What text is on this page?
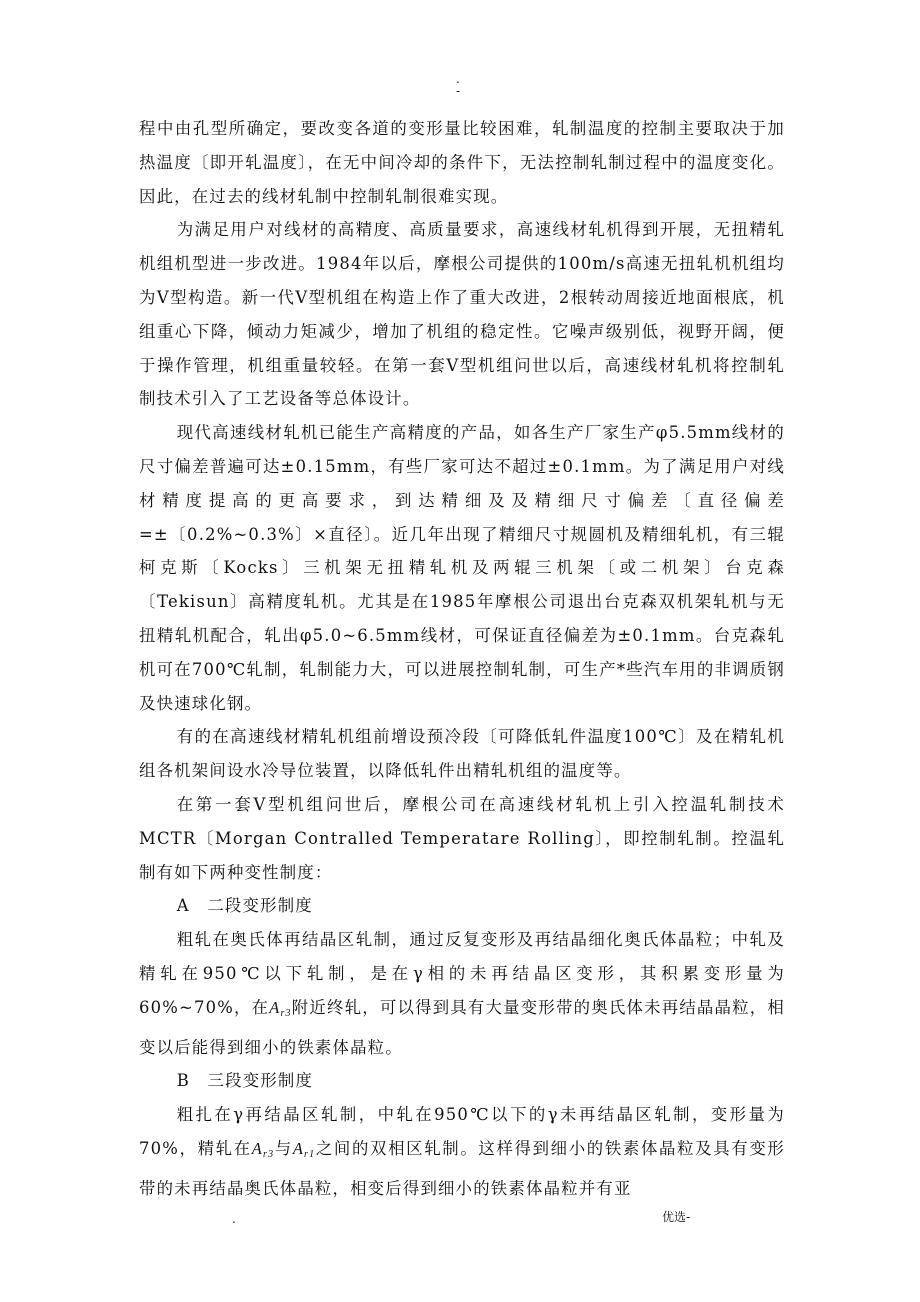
.
-

程中由孔型所确定，要改变各道的变形量比较困难，轧制温度的控制主要取决于加热温度〔即开轧温度〕，在无中间冷却的条件下，无法控制轧制过程中的温度变化。因此，在过去的线材轧制中控制轧制很难实现。

为满足用户对线材的高精度、高质量要求，高速线材轧机得到开展，无扭精轧机组机型进一步改进。1984年以后，摩根公司提供的100m/s高速无扭轧机机组均为V型构造。新一代V型机组在构造上作了重大改进，2根转动周接近地面根底，机组重心下降，倾动力矩减少，增加了机组的稳定性。它噪声级别低，视野开阔，便于操作管理，机组重量较轻。在第一套V型机组问世以后，高速线材轧机将控制轧制技术引入了工艺设备等总体设计。

现代高速线材轧机已能生产高精度的产品，如各生产厂家生产φ5.5mm线材的尺寸偏差普遍可达±0.15mm，有些厂家可达不超过±0.1mm。为了满足用户对线材精度提高的更高要求，到达精细及及精细尺寸偏差〔直径偏差=±〔0.2%~0.3%〕×直径〕。近几年出现了精细尺寸规圆机及精细轧机，有三辊柯克斯〔Kocks〕三机架无扭精轧机及两辊三机架〔或二机架〕台克森〔Tekisun〕高精度轧机。尤其是在1985年摩根公司退出台克森双机架轧机与无扭精轧机配合，轧出φ5.0~6.5mm线材，可保证直径偏差为±0.1mm。台克森轧机可在700℃轧制，轧制能力大，可以进展控制轧制，可生产*些汽车用的非调质钢及快速球化钢。

有的在高速线材精轧机组前增设预冷段〔可降低轧件温度100℃〕及在精轧机组各机架间设水冷导位装置，以降低轧件出精轧机组的温度等。

在第一套V型机组问世后，摩根公司在高速线材轧机上引入控温轧制技术MCTR〔Morgan Contralled Temperatare Rolling〕，即控制轧制。控温轧制有如下两种变性制度：

A　二段变形制度

粗轧在奥氏体再结晶区轧制，通过反复变形及再结晶细化奥氏体晶粒；中轧及精轧在950℃以下轧制，是在γ相的未再结晶区变形，其积累变形量为60%~70%，在$A_{r3}$附近终轧，可以得到具有大量变形带的奥氏体未再结晶晶粒，相变以后能得到细小的铁素体晶粒。

B　三段变形制度

粗扎在γ再结晶区轧制，中轧在950℃以下的γ未再结晶区轧制，变形量为70%，精轧在$A_{r3}$与$A_{r1}$之间的双相区轧制。这样得到细小的铁素体晶粒及具有变形带的未再结晶奥氏体晶粒，相变后得到细小的铁素体晶粒并有亚

.	优选-
